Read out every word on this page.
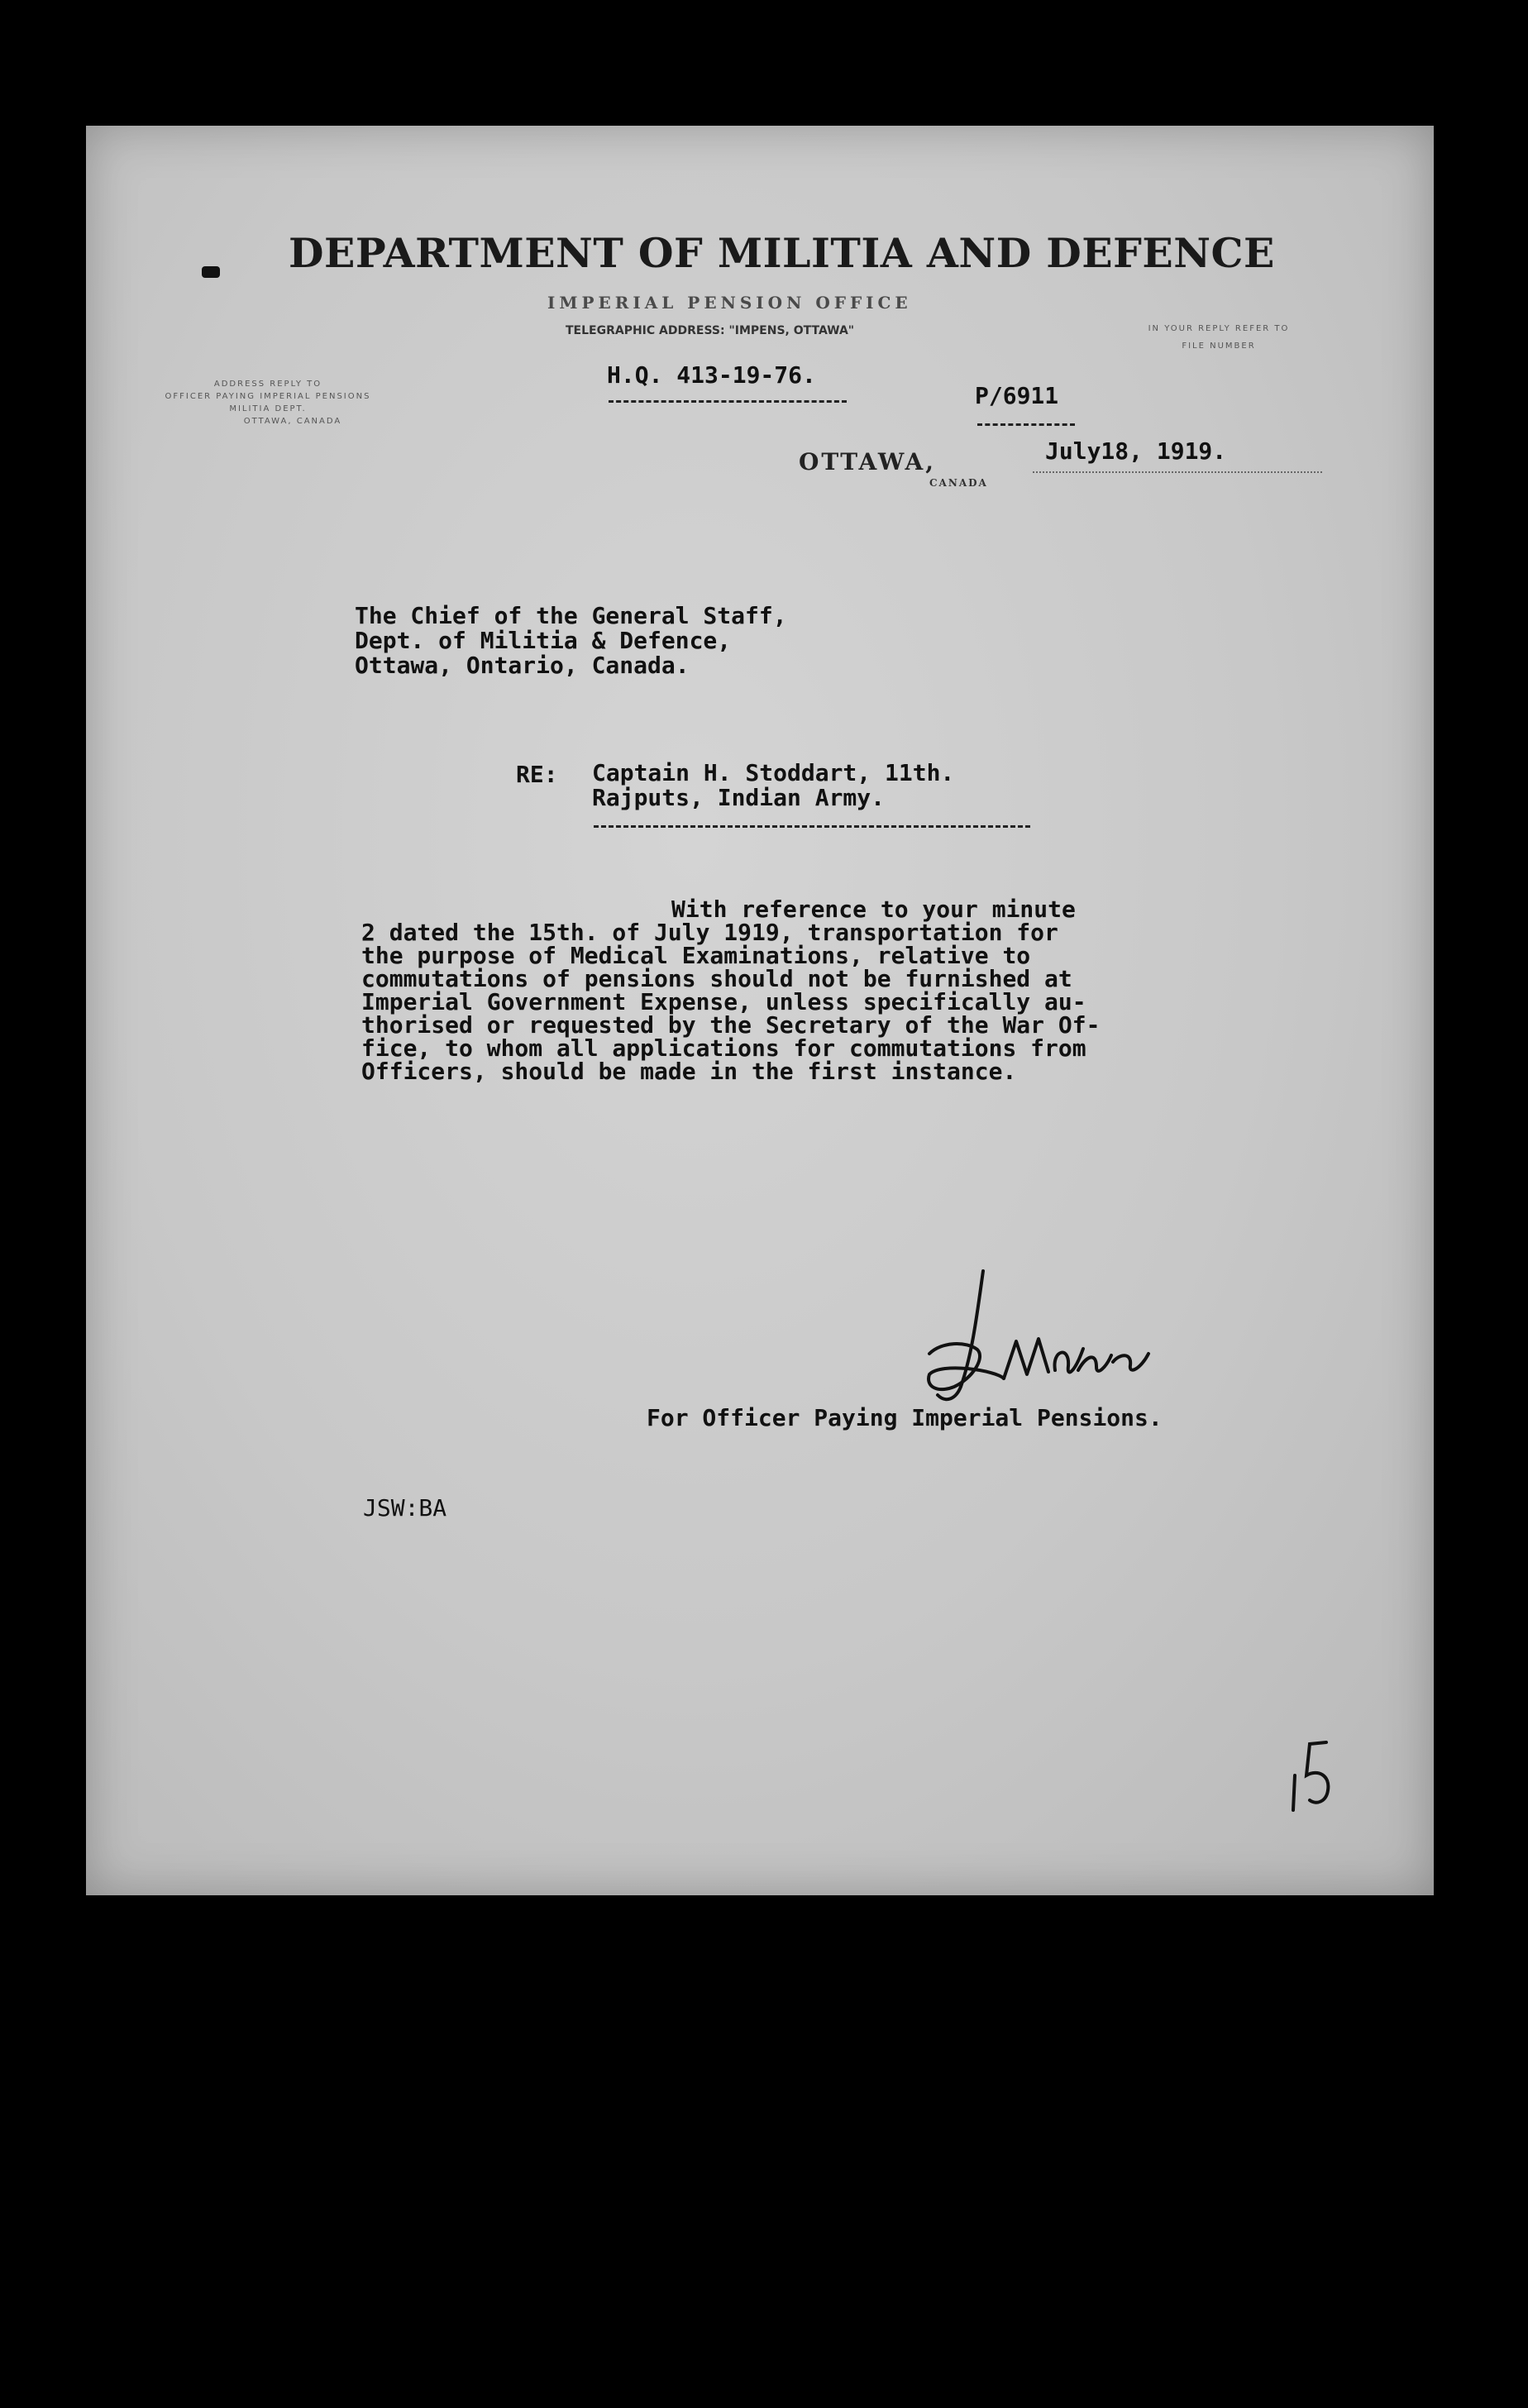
DEPARTMENT OF MILITIA AND DEFENCE
IMPERIAL PENSION OFFICE
TELEGRAPHIC ADDRESS: "IMPENS, OTTAWA"	IN YOUR REPLY REFER TO
FILE NUMBER
ADDRESS REPLY TO
OFFICER PAYING IMPERIAL PENSIONS
MILITIA DEPT.
OTTAWA, CANADA
H.Q. 413-19-76.
P/6911
OTTAWA,
CANADA
July18, 1919.
The Chief of the General Staff,
Dept. of Militia & Defence,
Ottawa, Ontario, Canada.
RE: Captain H. Stoddart, 11th.
Rajputs, Indian Army.
With reference to your minute
2 dated the 15th. of July 1919, transportation for
the purpose of Medical Examinations, relative to
commutations of pensions should not be furnished at
Imperial Government Expense, unless specifically au-
thorised or requested by the Secretary of the War Of-
fice, to whom all applications for commutations from
Officers, should be made in the first instance.
For Officer Paying Imperial Pensions.
JSW:BA
